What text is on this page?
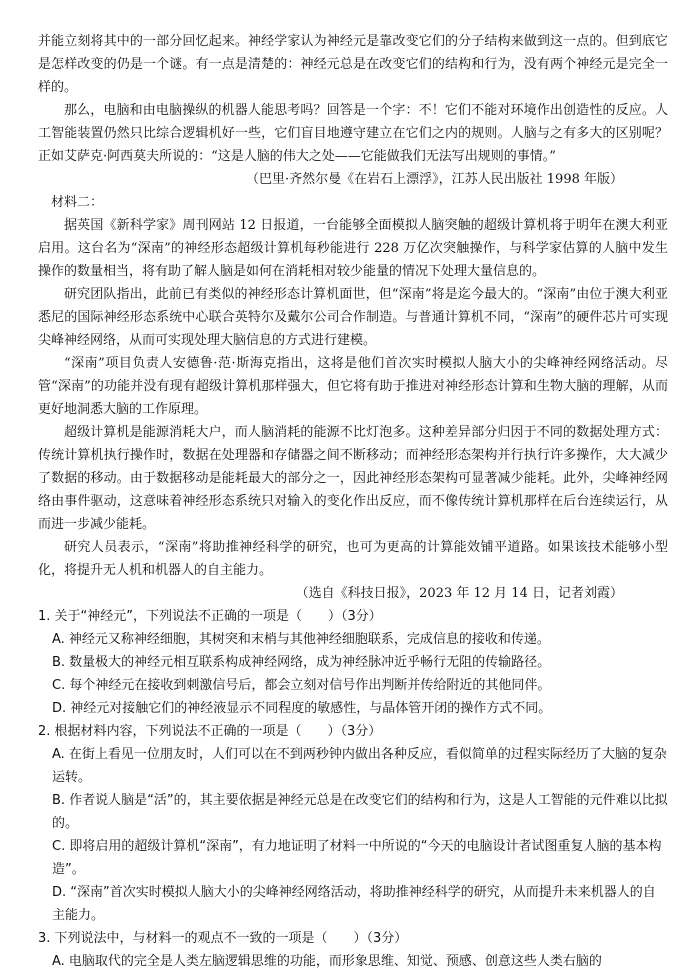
并能立刻将其中的一部分回忆起来。神经学家认为神经元是靠改变它们的分子结构来做到这一点的。但到底它是怎样改变的仍是一个谜。有一点是清楚的：神经元总是在改变它们的结构和行为，没有两个神经元是完全一样的。

那么，电脑和由电脑操纵的机器人能思考吗？回答是一个字：不！它们不能对环境作出创造性的反应。人工智能装置仍然只比综合逻辑机好一些，它们盲目地遵守建立在它们之内的规则。人脑与之有多大的区别呢？正如艾萨克·阿西莫夫所说的：“这是人脑的伟大之处——它能做我们无法写出规则的事情。”

（巴里·齐然尔曼《在岩石上漂浮》，江苏人民出版社 1998 年版）

材料二：

据英国《新科学家》周刊网站 12 日报道，一台能够全面模拟人脑突触的超级计算机将于明年在澳大利亚启用。这台名为“深南”的神经形态超级计算机每秒能进行 228 万亿次突触操作，与科学家估算的人脑中发生操作的数量相当，将有助了解人脑是如何在消耗相对较少能量的情况下处理大量信息的。

研究团队指出，此前已有类似的神经形态计算机面世，但“深南”将是迄今最大的。“深南”由位于澳大利亚悉尼的国际神经形态系统中心联合英特尔及戴尔公司合作制造。与普通计算机不同，“深南”的硬件芯片可实现尖峰神经网络，从而可实现处理大脑信息的方式进行建模。

“深南”项目负责人安德鲁·范·斯海克指出，这将是他们首次实时模拟人脑大小的尖峰神经网络活动。尽管“深南”的功能并没有现有超级计算机那样强大，但它将有助于推进对神经形态计算和生物大脑的理解，从而更好地洞悉大脑的工作原理。

超级计算机是能源消耗大户，而人脑消耗的能源不比灯泡多。这种差异部分归因于不同的数据处理方式：传统计算机执行操作时，数据在处理器和存储器之间不断移动；而神经形态架构并行执行许多操作，大大减少了数据的移动。由于数据移动是能耗最大的部分之一，因此神经形态架构可显著减少能耗。此外，尖峰神经网络由事件驱动，这意味着神经形态系统只对输入的变化作出反应，而不像传统计算机那样在后台连续运行，从而进一步减少能耗。

研究人员表示，“深南”将助推神经科学的研究，也可为更高的计算能效铺平道路。如果该技术能够小型化，将提升无人机和机器人的自主能力。

（选自《科技日报》，2023 年 12 月 14 日，记者刘霞）

1. 关于“神经元”，下列说法不正确的一项是（　　）（3分）

A. 神经元又称神经细胞，其树突和末梢与其他神经细胞联系，完成信息的接收和传递。

B. 数量极大的神经元相互联系构成神经网络，成为神经脉冲近乎畅行无阻的传输路径。

C. 每个神经元在接收到刺激信号后，都会立刻对信号作出判断并传给附近的其他同伴。

D. 神经元对接触它们的神经液显示不同程度的敏感性，与晶体管开闭的操作方式不同。

2. 根据材料内容，下列说法不正确的一项是（　　）（3分）

A. 在街上看见一位朋友时，人们可以在不到两秒钟内做出各种反应，看似简单的过程实际经历了大脑的复杂运转。

B. 作者说人脑是“活”的，其主要依据是神经元总是在改变它们的结构和行为，这是人工智能的元件难以比拟的。

C. 即将启用的超级计算机“深南”，有力地证明了材料一中所说的“今天的电脑设计者试图重复人脑的基本构造”。

D. “深南”首次实时模拟人脑大小的尖峰神经网络活动，将助推神经科学的研究，从而提升未来机器人的自主能力。

3. 下列说法中，与材料一的观点不一致的一项是（　　）（3分）

A. 电脑取代的完全是人类左脑逻辑思维的功能，而形象思维、知觉、预感、创意这些人类右脑的
